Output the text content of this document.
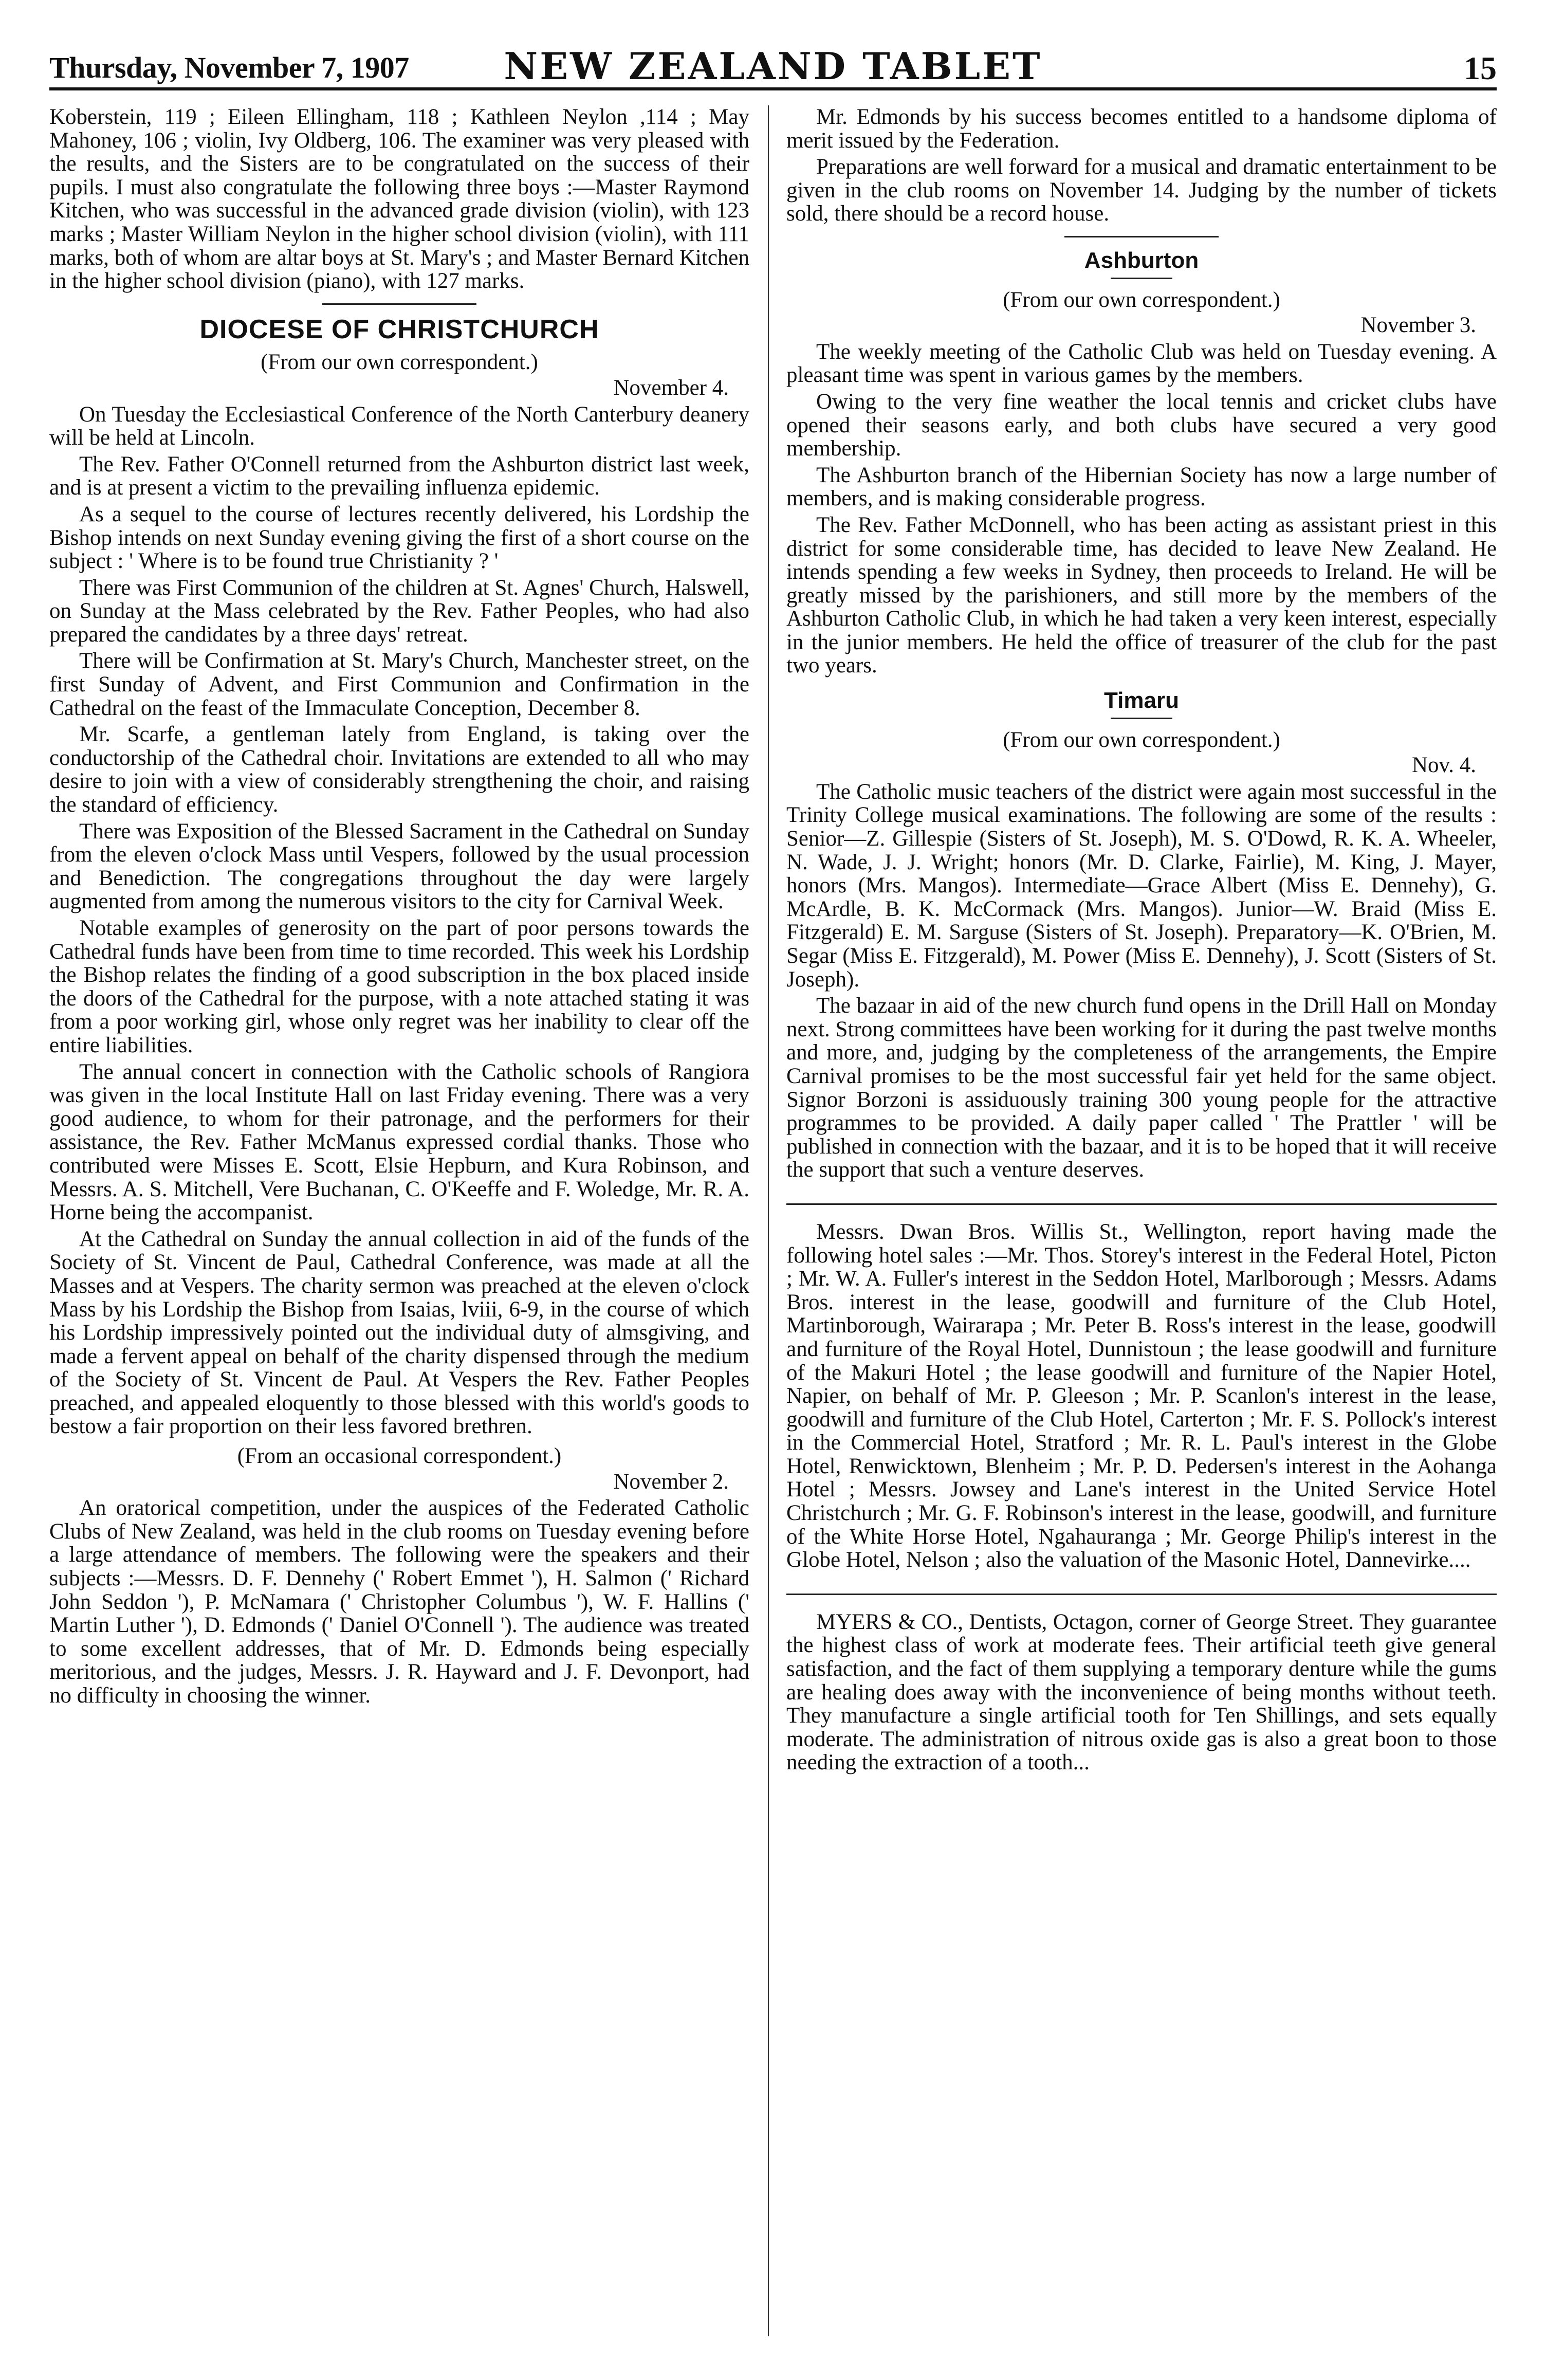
Thursday, November 7, 1907	NEW ZEALAND TABLET	15

Koberstein, 119 ; Eileen Ellingham, 118 ; Kathleen Neylon ,114 ; May Mahoney, 106 ; violin, Ivy Oldberg, 106. The examiner was very pleased with the results, and the Sisters are to be congratulated on the success of their pupils. I must also congratulate the following three boys :—Master Raymond Kitchen, who was successful in the advanced grade division (violin), with 123 marks ; Master William Neylon in the higher school division (violin), with 111 marks, both of whom are altar boys at St. Mary's ; and Master Bernard Kitchen in the higher school division (piano), with 127 marks.

DIOCESE OF CHRISTCHURCH

(From our own correspondent.)

November 4.

On Tuesday the Ecclesiastical Conference of the North Canterbury deanery will be held at Lincoln.

The Rev. Father O'Connell returned from the Ashburton district last week, and is at present a victim to the prevailing influenza epidemic.

As a sequel to the course of lectures recently delivered, his Lordship the Bishop intends on next Sunday evening giving the first of a short course on the subject : ' Where is to be found true Christianity ? '

There was First Communion of the children at St. Agnes' Church, Halswell, on Sunday at the Mass celebrated by the Rev. Father Peoples, who had also prepared the candidates by a three days' retreat.

There will be Confirmation at St. Mary's Church, Manchester street, on the first Sunday of Advent, and First Communion and Confirmation in the Cathedral on the feast of the Immaculate Conception, December 8.

Mr. Scarfe, a gentleman lately from England, is taking over the conductorship of the Cathedral choir. Invitations are extended to all who may desire to join with a view of considerably strengthening the choir, and raising the standard of efficiency.

There was Exposition of the Blessed Sacrament in the Cathedral on Sunday from the eleven o'clock Mass until Vespers, followed by the usual procession and Benediction. The congregations throughout the day were largely augmented from among the numerous visitors to the city for Carnival Week.

Notable examples of generosity on the part of poor persons towards the Cathedral funds have been from time to time recorded. This week his Lordship the Bishop relates the finding of a good subscription in the box placed inside the doors of the Cathedral for the purpose, with a note attached stating it was from a poor working girl, whose only regret was her inability to clear off the entire liabilities.

The annual concert in connection with the Catholic schools of Rangiora was given in the local Institute Hall on last Friday evening. There was a very good audience, to whom for their patronage, and the performers for their assistance, the Rev. Father McManus expressed cordial thanks. Those who contributed were Misses E. Scott, Elsie Hepburn, and Kura Robinson, and Messrs. A. S. Mitchell, Vere Buchanan, C. O'Keeffe and F. Woledge, Mr. R. A. Horne being the accompanist.

At the Cathedral on Sunday the annual collection in aid of the funds of the Society of St. Vincent de Paul, Cathedral Conference, was made at all the Masses and at Vespers. The charity sermon was preached at the eleven o'clock Mass by his Lordship the Bishop from Isaias, lviii, 6-9, in the course of which his Lordship impressively pointed out the individual duty of almsgiving, and made a fervent appeal on behalf of the charity dispensed through the medium of the Society of St. Vincent de Paul. At Vespers the Rev. Father Peoples preached, and appealed eloquently to those blessed with this world's goods to bestow a fair proportion on their less favored brethren.

(From an occasional correspondent.)

November 2.

An oratorical competition, under the auspices of the Federated Catholic Clubs of New Zealand, was held in the club rooms on Tuesday evening before a large attendance of members. The following were the speakers and their subjects :—Messrs. D. F. Dennehy (' Robert Emmet '), H. Salmon (' Richard John Seddon '), P. McNamara (' Christopher Columbus '), W. F. Hallins (' Martin Luther '), D. Edmonds (' Daniel O'Connell '). The audience was treated to some excellent addresses, that of Mr. D. Edmonds being especially meritorious, and the judges, Messrs. J. R. Hayward and J. F. Devonport, had no difficulty in choosing the winner.

Mr. Edmonds by his success becomes entitled to a handsome diploma of merit issued by the Federation.

Preparations are well forward for a musical and dramatic entertainment to be given in the club rooms on November 14. Judging by the number of tickets sold, there should be a record house.

Ashburton

(From our own correspondent.)

November 3.

The weekly meeting of the Catholic Club was held on Tuesday evening. A pleasant time was spent in various games by the members.

Owing to the very fine weather the local tennis and cricket clubs have opened their seasons early, and both clubs have secured a very good membership.

The Ashburton branch of the Hibernian Society has now a large number of members, and is making considerable progress.

The Rev. Father McDonnell, who has been acting as assistant priest in this district for some considerable time, has decided to leave New Zealand. He intends spending a few weeks in Sydney, then proceeds to Ireland. He will be greatly missed by the parishioners, and still more by the members of the Ashburton Catholic Club, in which he had taken a very keen interest, especially in the junior members. He held the office of treasurer of the club for the past two years.

Timaru

(From our own correspondent.)

Nov. 4.

The Catholic music teachers of the district were again most successful in the Trinity College musical examinations. The following are some of the results : Senior—Z. Gillespie (Sisters of St. Joseph), M. S. O'Dowd, R. K. A. Wheeler, N. Wade, J. J. Wright; honors (Mr. D. Clarke, Fairlie), M. King, J. Mayer, honors (Mrs. Mangos). Intermediate—Grace Albert (Miss E. Dennehy), G. McArdle, B. K. McCormack (Mrs. Mangos). Junior—W. Braid (Miss E. Fitzgerald) E. M. Sarguse (Sisters of St. Joseph). Preparatory—K. O'Brien, M. Segar (Miss E. Fitzgerald), M. Power (Miss E. Dennehy), J. Scott (Sisters of St. Joseph).

The bazaar in aid of the new church fund opens in the Drill Hall on Monday next. Strong committees have been working for it during the past twelve months and more, and, judging by the completeness of the arrangements, the Empire Carnival promises to be the most successful fair yet held for the same object. Signor Borzoni is assiduously training 300 young people for the attractive programmes to be provided. A daily paper called ' The Prattler ' will be published in connection with the bazaar, and it is to be hoped that it will receive the support that such a venture deserves.

Messrs. Dwan Bros. Willis St., Wellington, report having made the following hotel sales :—Mr. Thos. Storey's interest in the Federal Hotel, Picton ; Mr. W. A. Fuller's interest in the Seddon Hotel, Marlborough ; Messrs. Adams Bros. interest in the lease, goodwill and furniture of the Club Hotel, Martinborough, Wairarapa ; Mr. Peter B. Ross's interest in the lease, goodwill and furniture of the Royal Hotel, Dunnistoun ; the lease goodwill and furniture of the Makuri Hotel ; the lease goodwill and furniture of the Napier Hotel, Napier, on behalf of Mr. P. Gleeson ; Mr. P. Scanlon's interest in the lease, goodwill and furniture of the Club Hotel, Carterton ; Mr. F. S. Pollock's interest in the Commercial Hotel, Stratford ; Mr. R. L. Paul's interest in the Globe Hotel, Renwicktown, Blenheim ; Mr. P. D. Pedersen's interest in the Aohanga Hotel ; Messrs. Jowsey and Lane's interest in the United Service Hotel Christchurch ; Mr. G. F. Robinson's interest in the lease, goodwill, and furniture of the White Horse Hotel, Ngahauranga ; Mr. George Philip's interest in the Globe Hotel, Nelson ; also the valuation of the Masonic Hotel, Dannevirke....

MYERS & CO., Dentists, Octagon, corner of George Street. They guarantee the highest class of work at moderate fees. Their artificial teeth give general satisfaction, and the fact of them supplying a temporary denture while the gums are healing does away with the inconvenience of being months without teeth. They manufacture a single artificial tooth for Ten Shillings, and sets equally moderate. The administration of nitrous oxide gas is also a great boon to those needing the extraction of a tooth...
